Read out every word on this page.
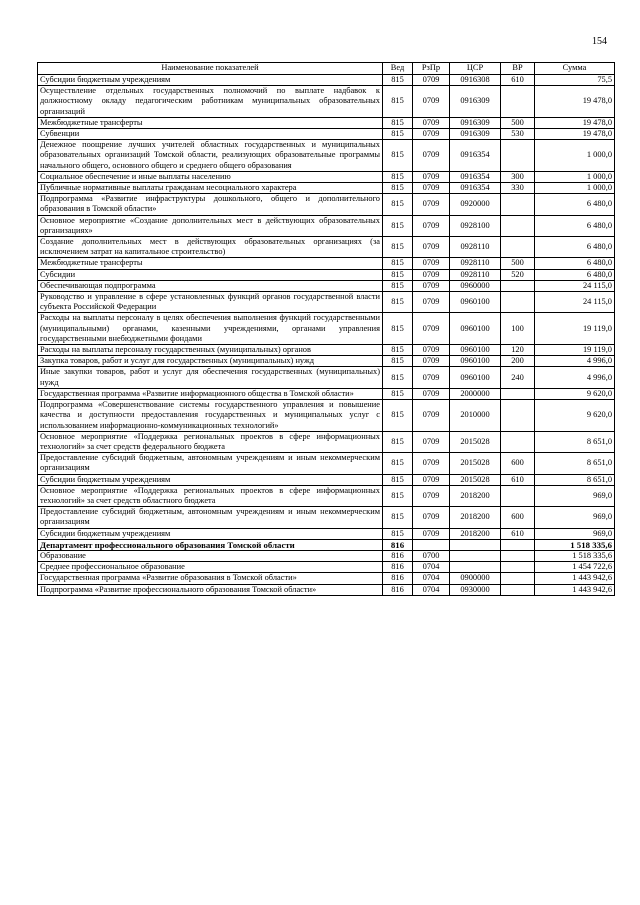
154
Наименование показателей	Вед	РзПр	ЦСР	ВР	Сумма
Субсидии бюджетным учреждениям	815	0709	0916308	610	75,5
Осуществление отдельных государственных полномочий по выплате надбавок к должностному окладу педагогическим работникам муниципальных образовательных организаций	815	0709	0916309		19 478,0
Межбюджетные трансферты	815	0709	0916309	500	19 478,0
Субвенции	815	0709	0916309	530	19 478,0
Денежное поощрение лучших учителей областных государственных и муниципальных образовательных организаций Томской области, реализующих образовательные программы начального общего, основного общего и среднего общего образования	815	0709	0916354		1 000,0
Социальное обеспечение и иные выплаты населению	815	0709	0916354	300	1 000,0
Публичные нормативные выплаты гражданам несоциального характера	815	0709	0916354	330	1 000,0
Подпрограмма «Развитие инфраструктуры дошкольного, общего и дополнительного образования в Томской области»	815	0709	0920000		6 480,0
Основное мероприятие «Создание дополнительных мест в действующих образовательных организациях»	815	0709	0928100		6 480,0
Создание дополнительных мест в действующих образовательных организациях (за исключением затрат на капитальное строительство)	815	0709	0928110		6 480,0
Межбюджетные трансферты	815	0709	0928110	500	6 480,0
Субсидии	815	0709	0928110	520	6 480,0
Обеспечивающая подпрограмма	815	0709	0960000		24 115,0
Руководство и управление в сфере установленных функций органов государственной власти субъекта Российской Федерации	815	0709	0960100		24 115,0
Расходы на выплаты персоналу в целях обеспечения выполнения функций государственными (муниципальными) органами, казенными учреждениями, органами управления государственными внебюджетными фондами	815	0709	0960100	100	19 119,0
Расходы на выплаты персоналу государственных (муниципальных) органов	815	0709	0960100	120	19 119,0
Закупка товаров, работ и услуг для государственных (муниципальных) нужд	815	0709	0960100	200	4 996,0
Иные закупки товаров, работ и услуг для обеспечения государственных (муниципальных) нужд	815	0709	0960100	240	4 996,0
Государственная программа «Развитие информационного общества в Томской области»	815	0709	2000000		9 620,0
Подпрограмма «Совершенствование системы государственного управления и повышение качества и доступности предоставления государственных и муниципальных услуг с использованием информационно-коммуникационных технологий»	815	0709	2010000		9 620,0
Основное мероприятие «Поддержка региональных проектов в сфере информационных технологий» за счет средств федерального бюджета	815	0709	2015028		8 651,0
Предоставление субсидий бюджетным, автономным учреждениям и иным некоммерческим организациям	815	0709	2015028	600	8 651,0
Субсидии бюджетным учреждениям	815	0709	2015028	610	8 651,0
Основное мероприятие «Поддержка региональных проектов в сфере информационных технологий» за счет средств областного бюджета	815	0709	2018200		969,0
Предоставление субсидий бюджетным, автономным учреждениям и иным некоммерческим организациям	815	0709	2018200	600	969,0
Субсидии бюджетным учреждениям	815	0709	2018200	610	969,0
Департамент профессионального образования Томской области	816				1 518 335,6
Образование	816	0700			1 518 335,6
Среднее профессиональное образование	816	0704			1 454 722,6
Государственная программа «Развитие образования в Томской области»	816	0704	0900000		1 443 942,6
Подпрограмма «Развитие профессионального образования Томской области»	816	0704	0930000		1 443 942,6
